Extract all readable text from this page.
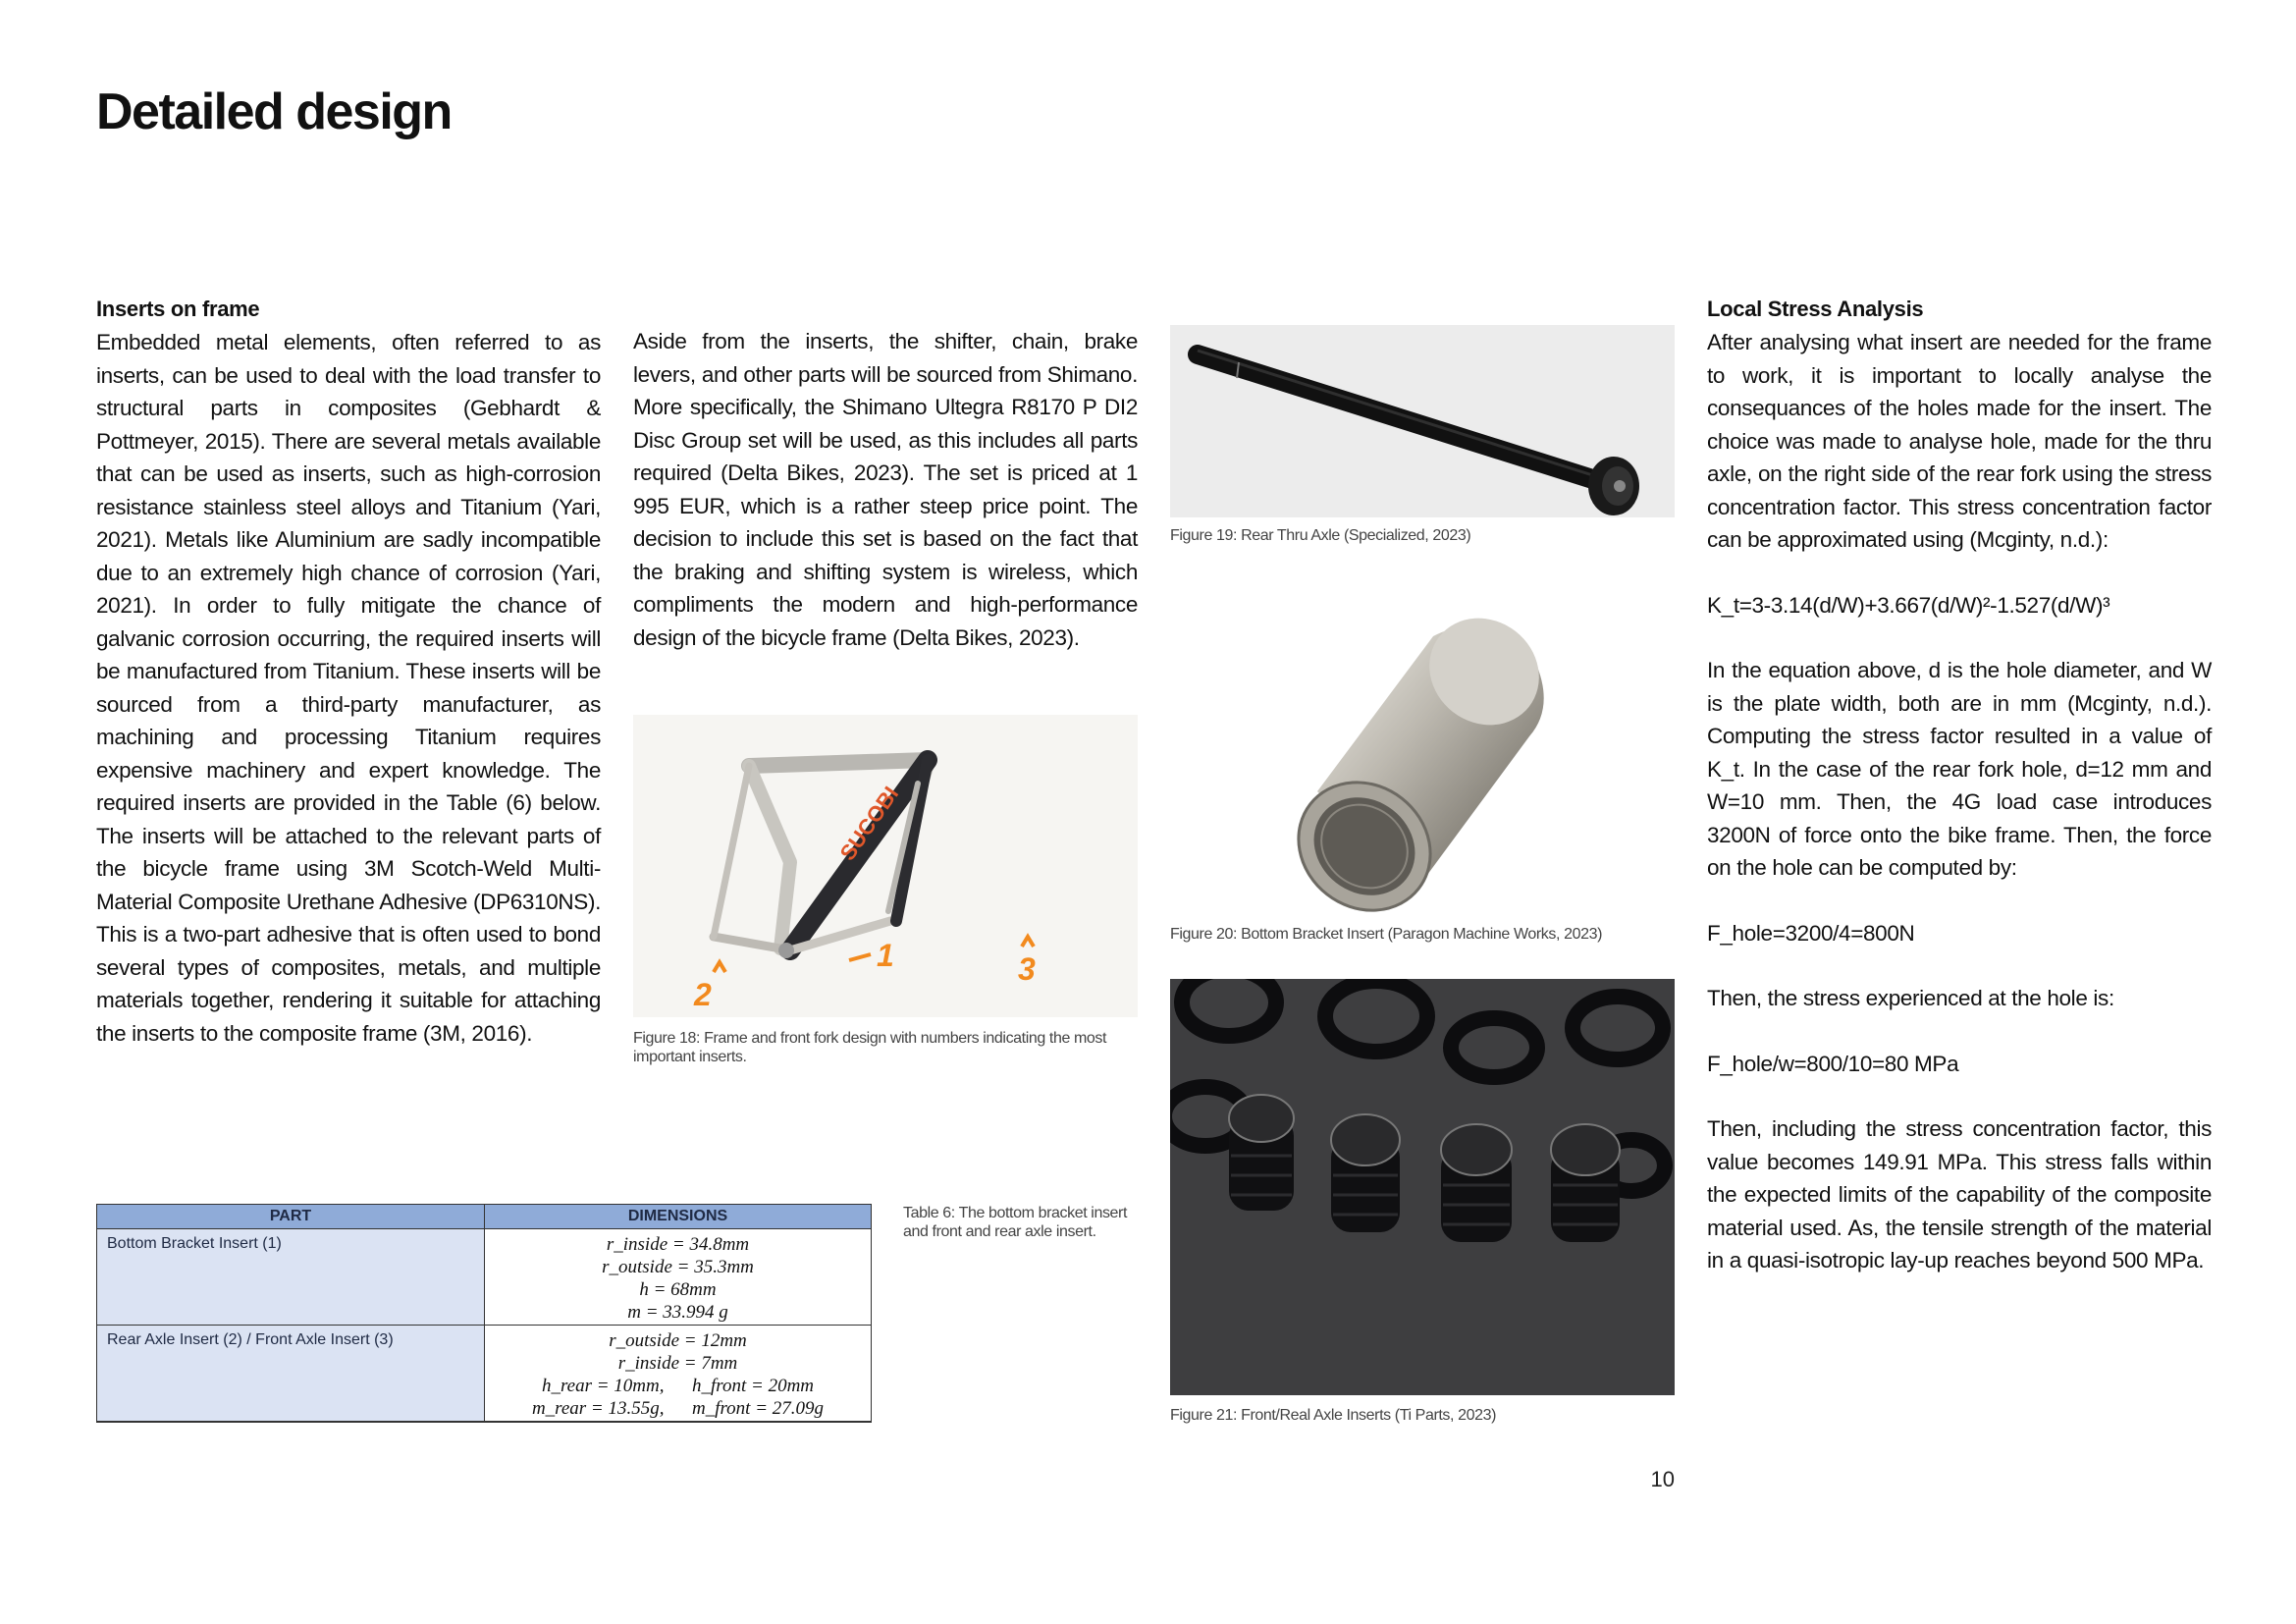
Detailed design
Inserts on frame

Embedded metal elements, often referred to as inserts, can be used to deal with the load transfer to structural parts in composites (Gebhardt & Pottmeyer, 2015). There are several metals available that can be used as inserts, such as high-corrosion resistance stainless steel alloys and Titanium (Yari, 2021). Metals like Aluminium are sadly incompatible due to an extremely high chance of corrosion (Yari, 2021). In order to fully mitigate the chance of galvanic corrosion occurring, the required inserts will be manufactured from Titanium. These inserts will be sourced from a third-party manufacturer, as machining and processing Titanium requires expensive machinery and expert knowledge. The required inserts are provided in the Table (6) below. The inserts will be attached to the relevant parts of the bicycle frame using 3M Scotch-Weld Multi-Material Composite Urethane Adhesive (DP6310NS). This is a two-part adhesive that is often used to bond several types of composites, metals, and multiple materials together, rendering it suitable for attaching the inserts to the composite frame (3M, 2016).

Aside from the inserts, the shifter, chain, brake levers, and other parts will be sourced from Shimano. More specifically, the Shimano Ultegra R8170 P DI2 Disc Group set will be used, as this includes all parts required (Delta Bikes, 2023). The set is priced at 1 995 EUR, which is a rather steep price point. The decision to include this set is based on the fact that the braking and shifting system is wireless, which compliments the modern and high-performance design of the bicycle frame (Delta Bikes, 2023).

SUCOBI
1
2
3
Figure 18: Frame and front fork design with numbers indicating the most important inserts.
Figure 19: Rear Thru Axle (Specialized, 2023)
Figure 20: Bottom Bracket Insert (Paragon Machine Works, 2023)
Figure 21: Front/Real Axle Inserts (Ti Parts, 2023)
PART	DIMENSIONS
Bottom Bracket Insert (1)	r_inside = 34.8mm
r_outside = 35.3mm
h = 68mm
m = 33.994 g

Rear Axle Insert (2) / Front Axle Insert (3)	r_outside = 12mm
r_inside = 7mm
h_rear = 10mm,      h_front = 20mm
m_rear = 13.55g,      m_front = 27.09g
Table 6: The bottom bracket insert and front and rear axle insert.
Local Stress Analysis

After analysing what insert are needed for the frame to work, it is important to locally analyse the consequances of the holes made for the insert. The choice was made to analyse hole, made for the thru axle, on the right side of the rear fork using the stress concentration factor. This stress concentration factor can be approximated using (Mcginty, n.d.):

K_t=3-3.14(d/W)+3.667(d/W)²-1.527(d/W)³

In the equation above, d is the hole diameter, and W is the plate width, both are in mm (Mcginty, n.d.). Computing the stress factor resulted in a value of K_t. In the case of the rear fork hole, d=12 mm and W=10 mm. Then, the 4G load case introduces 3200N of force onto the bike frame. Then, the force on the hole can be computed by:

F_hole=3200/4=800N

Then, the stress experienced at the hole is:

F_hole/w=800/10=80 MPa

Then, including the stress concentration factor, this value becomes 149.91 MPa. This stress falls within the expected limits of the capability of the composite material used. As, the tensile strength of the material in a quasi-isotropic lay-up reaches beyond 500 MPa.

10
